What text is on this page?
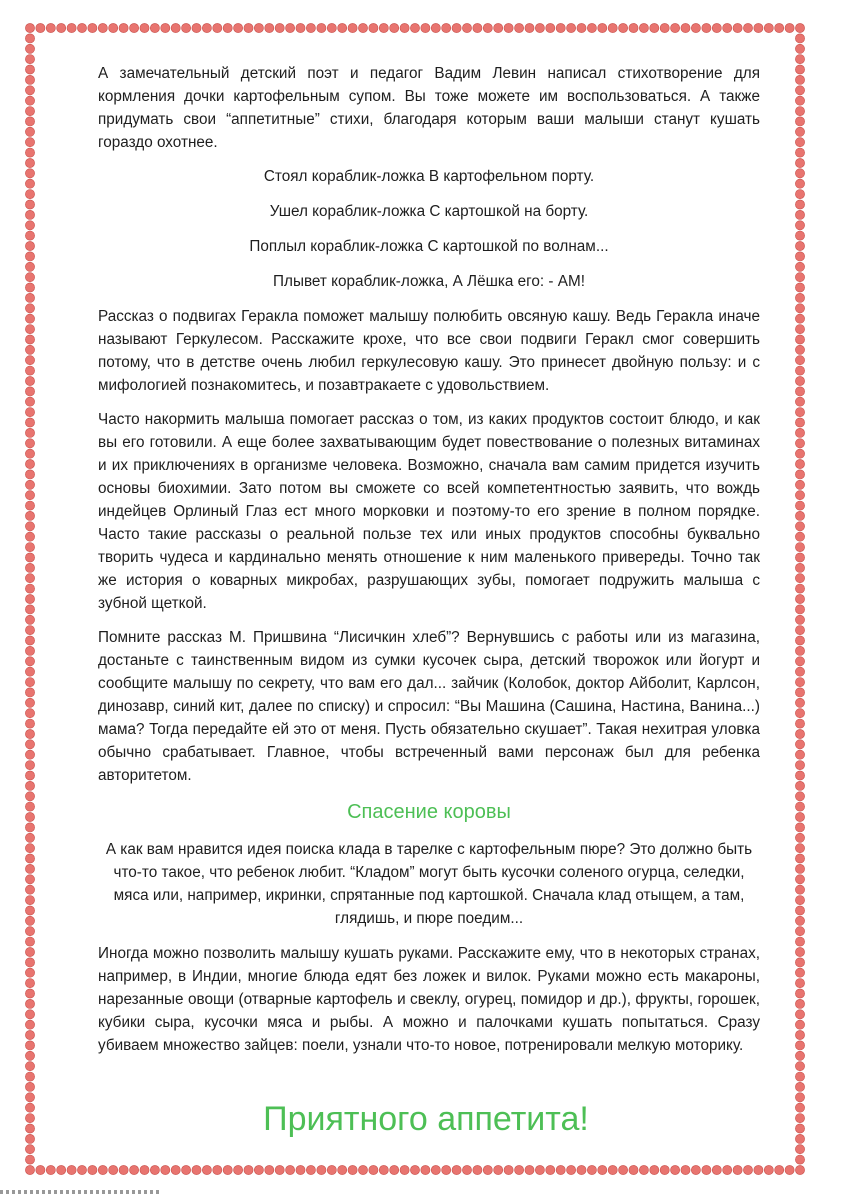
А замечательный детский поэт и педагог Вадим Левин написал стихотворение для кормления дочки картофельным супом. Вы тоже можете им воспользоваться. А также придумать свои “аппетитные” стихи, благодаря которым ваши малыши станут кушать гораздо охотнее.

Стоял кораблик-ложка В картофельном порту.

Ушел кораблик-ложка С картошкой на борту.

Поплыл кораблик-ложка С картошкой по волнам...

Плывет кораблик-ложка, А Лёшка его: - АМ!

Рассказ о подвигах Геракла поможет малышу полюбить овсяную кашу. Ведь Геракла иначе называют Геркулесом. Расскажите крохе, что все свои подвиги Геракл смог совершить потому, что в детстве очень любил геркулесовую кашу. Это принесет двойную пользу: и с мифологией познакомитесь, и позавтракаете с удовольствием.

Часто накормить малыша помогает рассказ о том, из каких продуктов состоит блюдо, и как вы его готовили. А еще более захватывающим будет повествование о полезных витаминах и их приключениях в организме человека. Возможно, сначала вам самим придется изучить основы биохимии. Зато потом вы сможете со всей компетентностью заявить, что вождь индейцев Орлиный Глаз ест много морковки и поэтому-то его зрение в полном порядке. Часто такие рассказы о реальной пользе тех или иных продуктов способны буквально творить чудеса и кардинально менять отношение к ним маленького привереды. Точно так же история о коварных микробах, разрушающих зубы, помогает подружить малыша с зубной щеткой.

Помните рассказ М. Пришвина “Лисичкин хлеб”? Вернувшись с работы или из магазина, достаньте с таинственным видом из сумки кусочек сыра, детский творожок или йогурт и сообщите малышу по секрету, что вам его дал... зайчик (Колобок, доктор Айболит, Карлсон, динозавр, синий кит, далее по списку) и спросил: “Вы Машина (Сашина, Настина, Ванина...) мама? Тогда передайте ей это от меня. Пусть обязательно скушает”. Такая нехитрая уловка обычно срабатывает. Главное, чтобы встреченный вами персонаж был для ребенка авторитетом.

Спасение коровы

А как вам нравится идея поиска клада в тарелке с картофельным пюре? Это должно быть что-то такое, что ребенок любит. “Кладом” могут быть кусочки соленого огурца, селедки, мяса или, например, икринки, спрятанные под картошкой. Сначала клад отыщем, а там, глядишь, и пюре поедим...

Иногда можно позволить малышу кушать руками. Расскажите ему, что в некоторых странах, например, в Индии, многие блюда едят без ложек и вилок. Руками можно есть макароны, нарезанные овощи (отварные картофель и свеклу, огурец, помидор и др.), фрукты, горошек, кубики сыра, кусочки мяса и рыбы. А можно и палочками кушать попытаться. Сразу убиваем множество зайцев: поели, узнали что-то новое, потренировали мелкую моторику.

Приятного аппетита!
